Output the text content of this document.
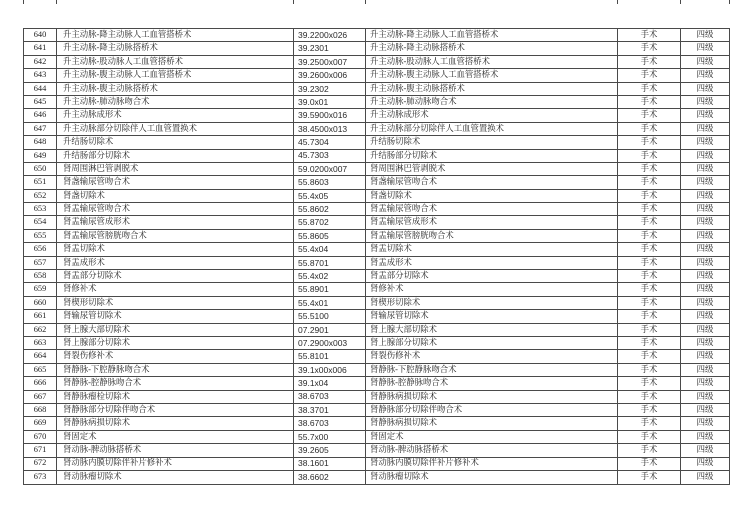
640	升主动脉-降主动脉人工血管搭桥术	39.2200x026	升主动脉-降主动脉人工血管搭桥术	手术	四级
641	升主动脉-降主动脉搭桥术	39.2301	升主动脉-降主动脉搭桥术	手术	四级
642	升主动脉-股动脉人工血管搭桥术	39.2500x007	升主动脉-股动脉人工血管搭桥术	手术	四级
643	升主动脉-腹主动脉人工血管搭桥术	39.2600x006	升主动脉-腹主动脉人工血管搭桥术	手术	四级
644	升主动脉-腹主动脉搭桥术	39.2302	升主动脉-腹主动脉搭桥术	手术	四级
645	升主动脉-肺动脉吻合术	39.0x01	升主动脉-肺动脉吻合术	手术	四级
646	升主动脉成形术	39.5900x016	升主动脉成形术	手术	四级
647	升主动脉部分切除伴人工血管置换术	38.4500x013	升主动脉部分切除伴人工血管置换术	手术	四级
648	升结肠切除术	45.7304	升结肠切除术	手术	四级
649	升结肠部分切除术	45.7303	升结肠部分切除术	手术	四级
650	肾周围淋巴管剥脱术	59.0200x007	肾周围淋巴管剥脱术	手术	四级
651	肾盏输尿管吻合术	55.8603	肾盏输尿管吻合术	手术	四级
652	肾盏切除术	55.4x05	肾盏切除术	手术	四级
653	肾盂输尿管吻合术	55.8602	肾盂输尿管吻合术	手术	四级
654	肾盂输尿管成形术	55.8702	肾盂输尿管成形术	手术	四级
655	肾盂输尿管膀胱吻合术	55.8605	肾盂输尿管膀胱吻合术	手术	四级
656	肾盂切除术	55.4x04	肾盂切除术	手术	四级
657	肾盂成形术	55.8701	肾盂成形术	手术	四级
658	肾盂部分切除术	55.4x02	肾盂部分切除术	手术	四级
659	肾修补术	55.8901	肾修补术	手术	四级
660	肾楔形切除术	55.4x01	肾楔形切除术	手术	四级
661	肾输尿管切除术	55.5100	肾输尿管切除术	手术	四级
662	肾上腺大部切除术	07.2901	肾上腺大部切除术	手术	四级
663	肾上腺部分切除术	07.2900x003	肾上腺部分切除术	手术	四级
664	肾裂伤修补术	55.8101	肾裂伤修补术	手术	四级
665	肾静脉-下腔静脉吻合术	39.1x00x006	肾静脉-下腔静脉吻合术	手术	四级
666	肾静脉-腔静脉吻合术	39.1x04	肾静脉-腔静脉吻合术	手术	四级
667	肾静脉瘤栓切除术	38.6703	肾静脉病损切除术	手术	四级
668	肾静脉部分切除伴吻合术	38.3701	肾静脉部分切除伴吻合术	手术	四级
669	肾静脉病损切除术	38.6703	肾静脉病损切除术	手术	四级
670	肾固定术	55.7x00	肾固定术	手术	四级
671	肾动脉-脾动脉搭桥术	39.2605	肾动脉-脾动脉搭桥术	手术	四级
672	肾动脉内膜切除伴补片修补术	38.1601	肾动脉内膜切除伴补片修补术	手术	四级
673	肾动脉瘤切除术	38.6602	肾动脉瘤切除术	手术	四级
